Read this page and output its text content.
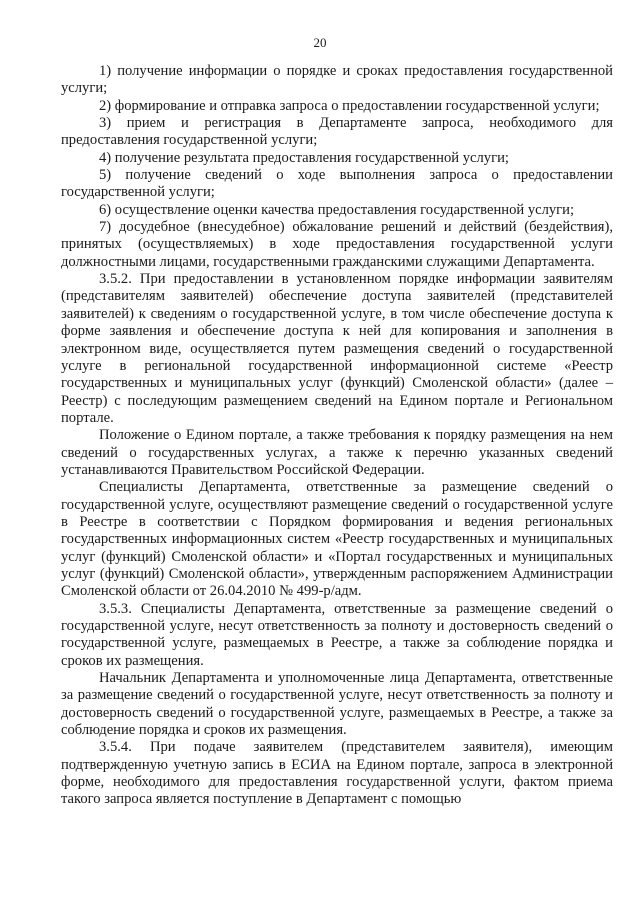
20

1) получение информации о порядке и сроках предоставления государственной услуги;

2) формирование и отправка запроса о предоставлении государственной услуги;

3) прием и регистрация в Департаменте запроса, необходимого для предоставления государственной услуги;

4) получение результата предоставления государственной услуги;

5) получение сведений о ходе выполнения запроса о предоставлении государственной услуги;

6) осуществление оценки качества предоставления государственной услуги;

7) досудебное (внесудебное) обжалование решений и действий (бездействия), принятых (осуществляемых) в ходе предоставления государственной услуги должностными лицами, государственными гражданскими служащими Департамента.

3.5.2. При предоставлении в установленном порядке информации заявителям (представителям заявителей) обеспечение доступа заявителей (представителей заявителей) к сведениям о государственной услуге, в том числе обеспечение доступа к форме заявления и обеспечение доступа к ней для копирования и заполнения в электронном виде, осуществляется путем размещения сведений о государственной услуге в региональной государственной информационной системе «Реестр государственных и муниципальных услуг (функций) Смоленской области» (далее – Реестр) с последующим размещением сведений на Едином портале и Региональном портале.

Положение о Едином портале, а также требования к порядку размещения на нем сведений о государственных услугах, а также к перечню указанных сведений устанавливаются Правительством Российской Федерации.

Специалисты Департамента, ответственные за размещение сведений о государственной услуге, осуществляют размещение сведений о государственной услуге в Реестре в соответствии с Порядком формирования и ведения региональных государственных информационных систем «Реестр государственных и муниципальных услуг (функций) Смоленской области» и «Портал государственных и муниципальных услуг (функций) Смоленской области», утвержденным распоряжением Администрации Смоленской области от 26.04.2010 № 499-р/адм.

3.5.3. Специалисты Департамента, ответственные за размещение сведений о государственной услуге, несут ответственность за полноту и достоверность сведений о государственной услуге, размещаемых в Реестре, а также за соблюдение порядка и сроков их размещения.

Начальник Департамента и уполномоченные лица Департамента, ответственные за размещение сведений о государственной услуге, несут ответственность за полноту и достоверность сведений о государственной услуге, размещаемых в Реестре, а также за соблюдение порядка и сроков их размещения.

3.5.4. При подаче заявителем (представителем заявителя), имеющим подтвержденную учетную запись в ЕСИА на Едином портале, запроса в электронной форме, необходимого для предоставления государственной услуги, фактом приема такого запроса является поступление в Департамент с помощью
